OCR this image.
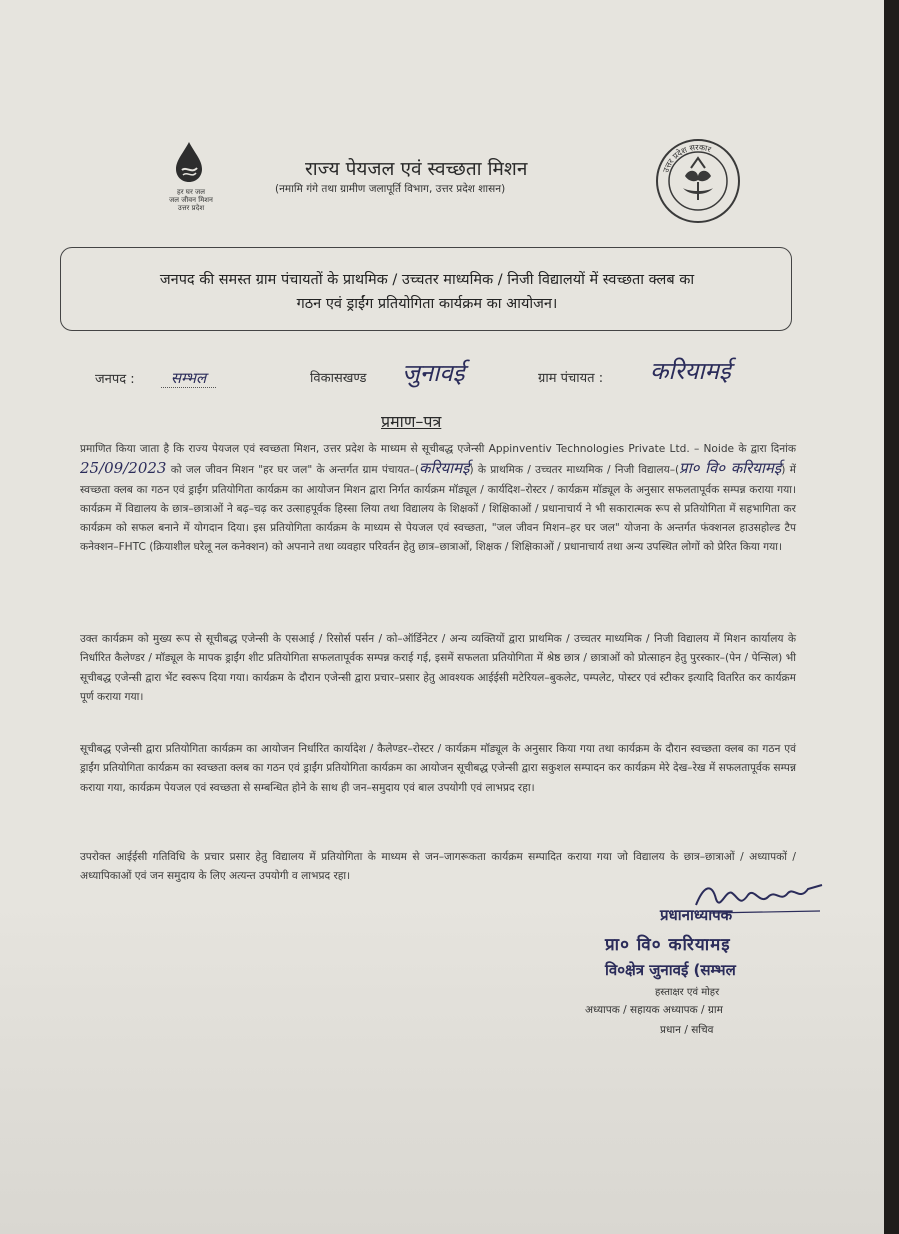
हर घर जल
जल जीवन मिशन
उत्तर प्रदेश
राज्य पेयजल एवं स्वच्छता मिशन
(नमामि गंगे तथा ग्रामीण जलापूर्ति विभाग, उत्तर प्रदेश शासन)
उत्तर प्रदेश सरकार
जनपद की समस्त ग्राम पंचायतों के प्राथमिक / उच्चतर माध्यमिक / निजी विद्यालयों में स्वच्छता क्लब का
गठन एवं ड्राईंग प्रतियोगिता कार्यक्रम का आयोजन।
जनपद : सम्भल	विकासखण्ड जुनावई	ग्राम पंचायत : करियामई
प्रमाण–पत्र
प्रमाणित किया जाता है कि राज्य पेयजल एवं स्वच्छता मिशन, उत्तर प्रदेश के माध्यम से सूचीबद्ध एजेन्सी Appinventiv Technologies Private Ltd. – Noide के द्वारा दिनांक 25/09/2023 को जल जीवन मिशन "हर घर जल" के अन्तर्गत ग्राम पंचायत–(करियामई) के प्राथमिक / उच्चतर माध्यमिक / निजी विद्यालय–(प्रा० वि० करियामई) में स्वच्छता क्लब का गठन एवं ड्राईंग प्रतियोगिता कार्यक्रम का आयोजन मिशन द्वारा निर्गत कार्यक्रम मॉड्यूल / कार्यदिश–रोस्टर / कार्यक्रम मॉड्यूल के अनुसार सफलतापूर्वक सम्पन्न कराया गया। कार्यक्रम में विद्यालय के छात्र–छात्राओं ने बढ़–चढ़ कर उत्साहपूर्वक हिस्सा लिया तथा विद्यालय के शिक्षकों / शिक्षिकाओं / प्रधानाचार्य ने भी सकारात्मक रूप से प्रतियोगिता में सहभागिता कर कार्यक्रम को सफल बनाने में योगदान दिया। इस प्रतियोगिता कार्यक्रम के माध्यम से पेयजल एवं स्वच्छता, "जल जीवन मिशन–हर घर जल" योजना के अन्तर्गत फंक्शनल हाउसहोल्ड टैप कनेक्शन–FHTC (क्रियाशील घरेलू नल कनेक्शन) को अपनाने तथा व्यवहार परिवर्तन हेतु छात्र–छात्राओं, शिक्षक / शिक्षिकाओं / प्रधानाचार्य तथा अन्य उपस्थित लोगों को प्रेरित किया गया।
उक्त कार्यक्रम को मुख्य रूप से सूचीबद्ध एजेन्सी के एसआई / रिसोर्स पर्सन / को–ऑर्डिनेटर / अन्य व्यक्तियों द्वारा प्राथमिक / उच्चतर माध्यमिक / निजी विद्यालय में मिशन कार्यालय के निर्धारित कैलेण्डर / मॉड्यूल के मापक ड्राईंग शीट प्रतियोगिता सफलतापूर्वक सम्पन्न कराई गई, इसमें सफलता प्रतियोगिता में श्रेष्ठ छात्र / छात्राओं को प्रोत्साहन हेतु पुरस्कार–(पेन / पेन्सिल) भी सूचीबद्ध एजेन्सी द्वारा भेंट स्वरूप दिया गया। कार्यक्रम के दौरान एजेन्सी द्वारा प्रचार–प्रसार हेतु आवश्यक आईईसी मटेरियल–बुकलेट, पम्पलेट, पोस्टर एवं स्टीकर इत्यादि वितरित कर कार्यक्रम पूर्ण कराया गया।
सूचीबद्ध एजेन्सी द्वारा प्रतियोगिता कार्यक्रम का आयोजन निर्धारित कार्यादेश / कैलेण्डर–रोस्टर / कार्यक्रम मॉड्यूल के अनुसार किया गया तथा कार्यक्रम के दौरान स्वच्छता क्लब का गठन एवं ड्राईंग प्रतियोगिता कार्यक्रम का स्वच्छता क्लब का गठन एवं ड्राईंग प्रतियोगिता कार्यक्रम का आयोजन सूचीबद्ध एजेन्सी द्वारा सकुशल सम्पादन कर कार्यक्रम मेरे देख–रेख में सफलतापूर्वक सम्पन्न कराया गया, कार्यक्रम पेयजल एवं स्वच्छता से सम्बन्धित होने के साथ ही जन–समुदाय एवं बाल उपयोगी एवं लाभप्रद रहा।
उपरोक्त आईईसी गतिविधि के प्रचार प्रसार हेतु विद्यालय में प्रतियोगिता के माध्यम से जन–जागरूकता कार्यक्रम सम्पादित कराया गया जो विद्यालय के छात्र–छात्राओं / अध्यापकों / अध्यापिकाओं एवं जन समुदाय के लिए अत्यन्त उपयोगी व लाभप्रद रहा।
प्रधानाध्यापक
प्रा० वि० करियामइ
वि०क्षेत्र जुनावई (सम्भल
हस्ताक्षर एवं मोहर
अध्यापक / सहायक अध्यापक / ग्राम
प्रधान / सचिव
